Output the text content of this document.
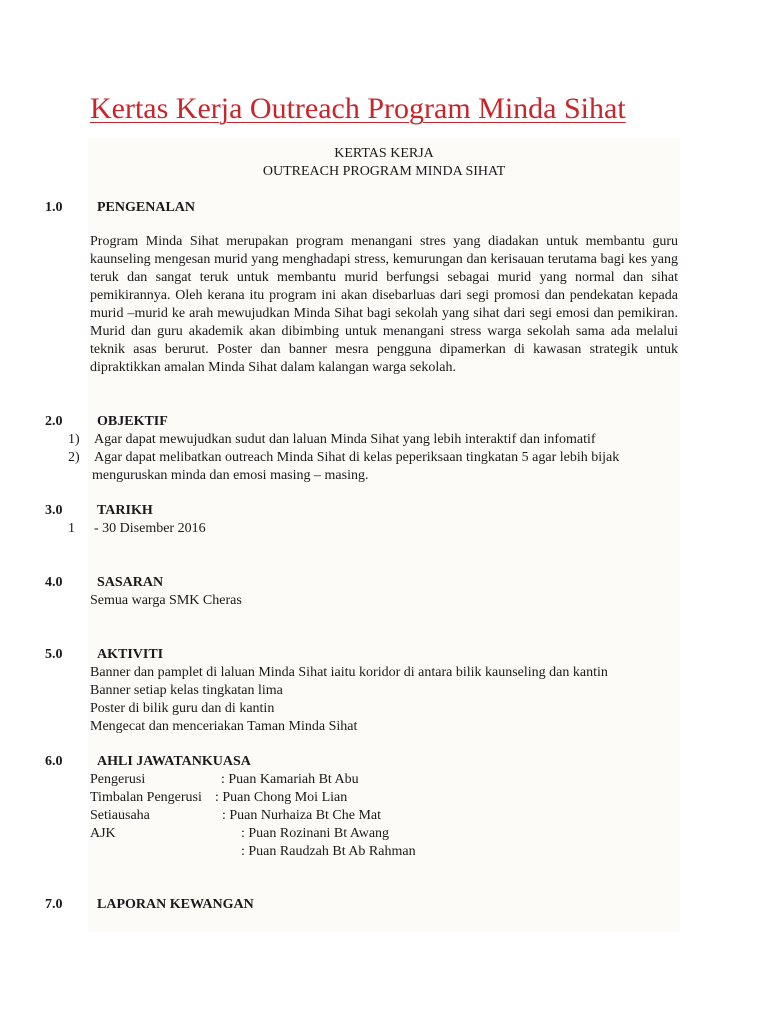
Kertas Kerja Outreach Program Minda Sihat
KERTAS KERJA
OUTREACH PROGRAM MINDA SIHAT
1.0 PENGENALAN

Program Minda Sihat merupakan program menangani stres yang diadakan untuk membantu guru kaunseling mengesan murid yang menghadapi stress, kemurungan dan kerisauan terutama bagi kes yang teruk dan sangat teruk untuk membantu murid berfungsi sebagai murid yang normal dan sihat pemikirannya. Oleh kerana itu program ini akan disebarluas dari segi promosi dan pendekatan kepada murid –murid ke arah mewujudkan Minda Sihat bagi sekolah yang sihat dari segi emosi dan pemikiran. Murid dan guru akademik akan dibimbing untuk menangani stress warga sekolah sama ada melalui teknik asas berurut. Poster dan banner mesra pengguna dipamerkan di kawasan strategik untuk dipraktikkan amalan Minda Sihat dalam kalangan warga sekolah.

2.0 OBJEKTIF
1) Agar dapat mewujudkan sudut dan laluan Minda Sihat yang lebih interaktif dan infomatif
2) Agar dapat melibatkan outreach Minda Sihat di kelas peperiksaan tingkatan 5 agar lebih bijak
menguruskan minda dan emosi masing – masing.
3.0 TARIKH
1 - 30 Disember 2016
4.0 SASARAN
Semua warga SMK Cheras
5.0 AKTIVITI
Banner dan pamplet di laluan Minda Sihat iaitu koridor di antara bilik kaunseling dan kantin
Banner setiap kelas tingkatan lima
Poster di bilik guru dan di kantin
Mengecat dan menceriakan Taman Minda Sihat
6.0 AHLI JAWATANKUASA
Pengerusi	: Puan Kamariah Bt Abu
Timbalan Pengerusi : Puan Chong Moi Lian
Setiausaha	: Puan Nurhaiza Bt Che Mat
AJK	: Puan Rozinani Bt Awang
: Puan Raudzah Bt Ab Rahman
7.0 LAPORAN KEWANGAN
